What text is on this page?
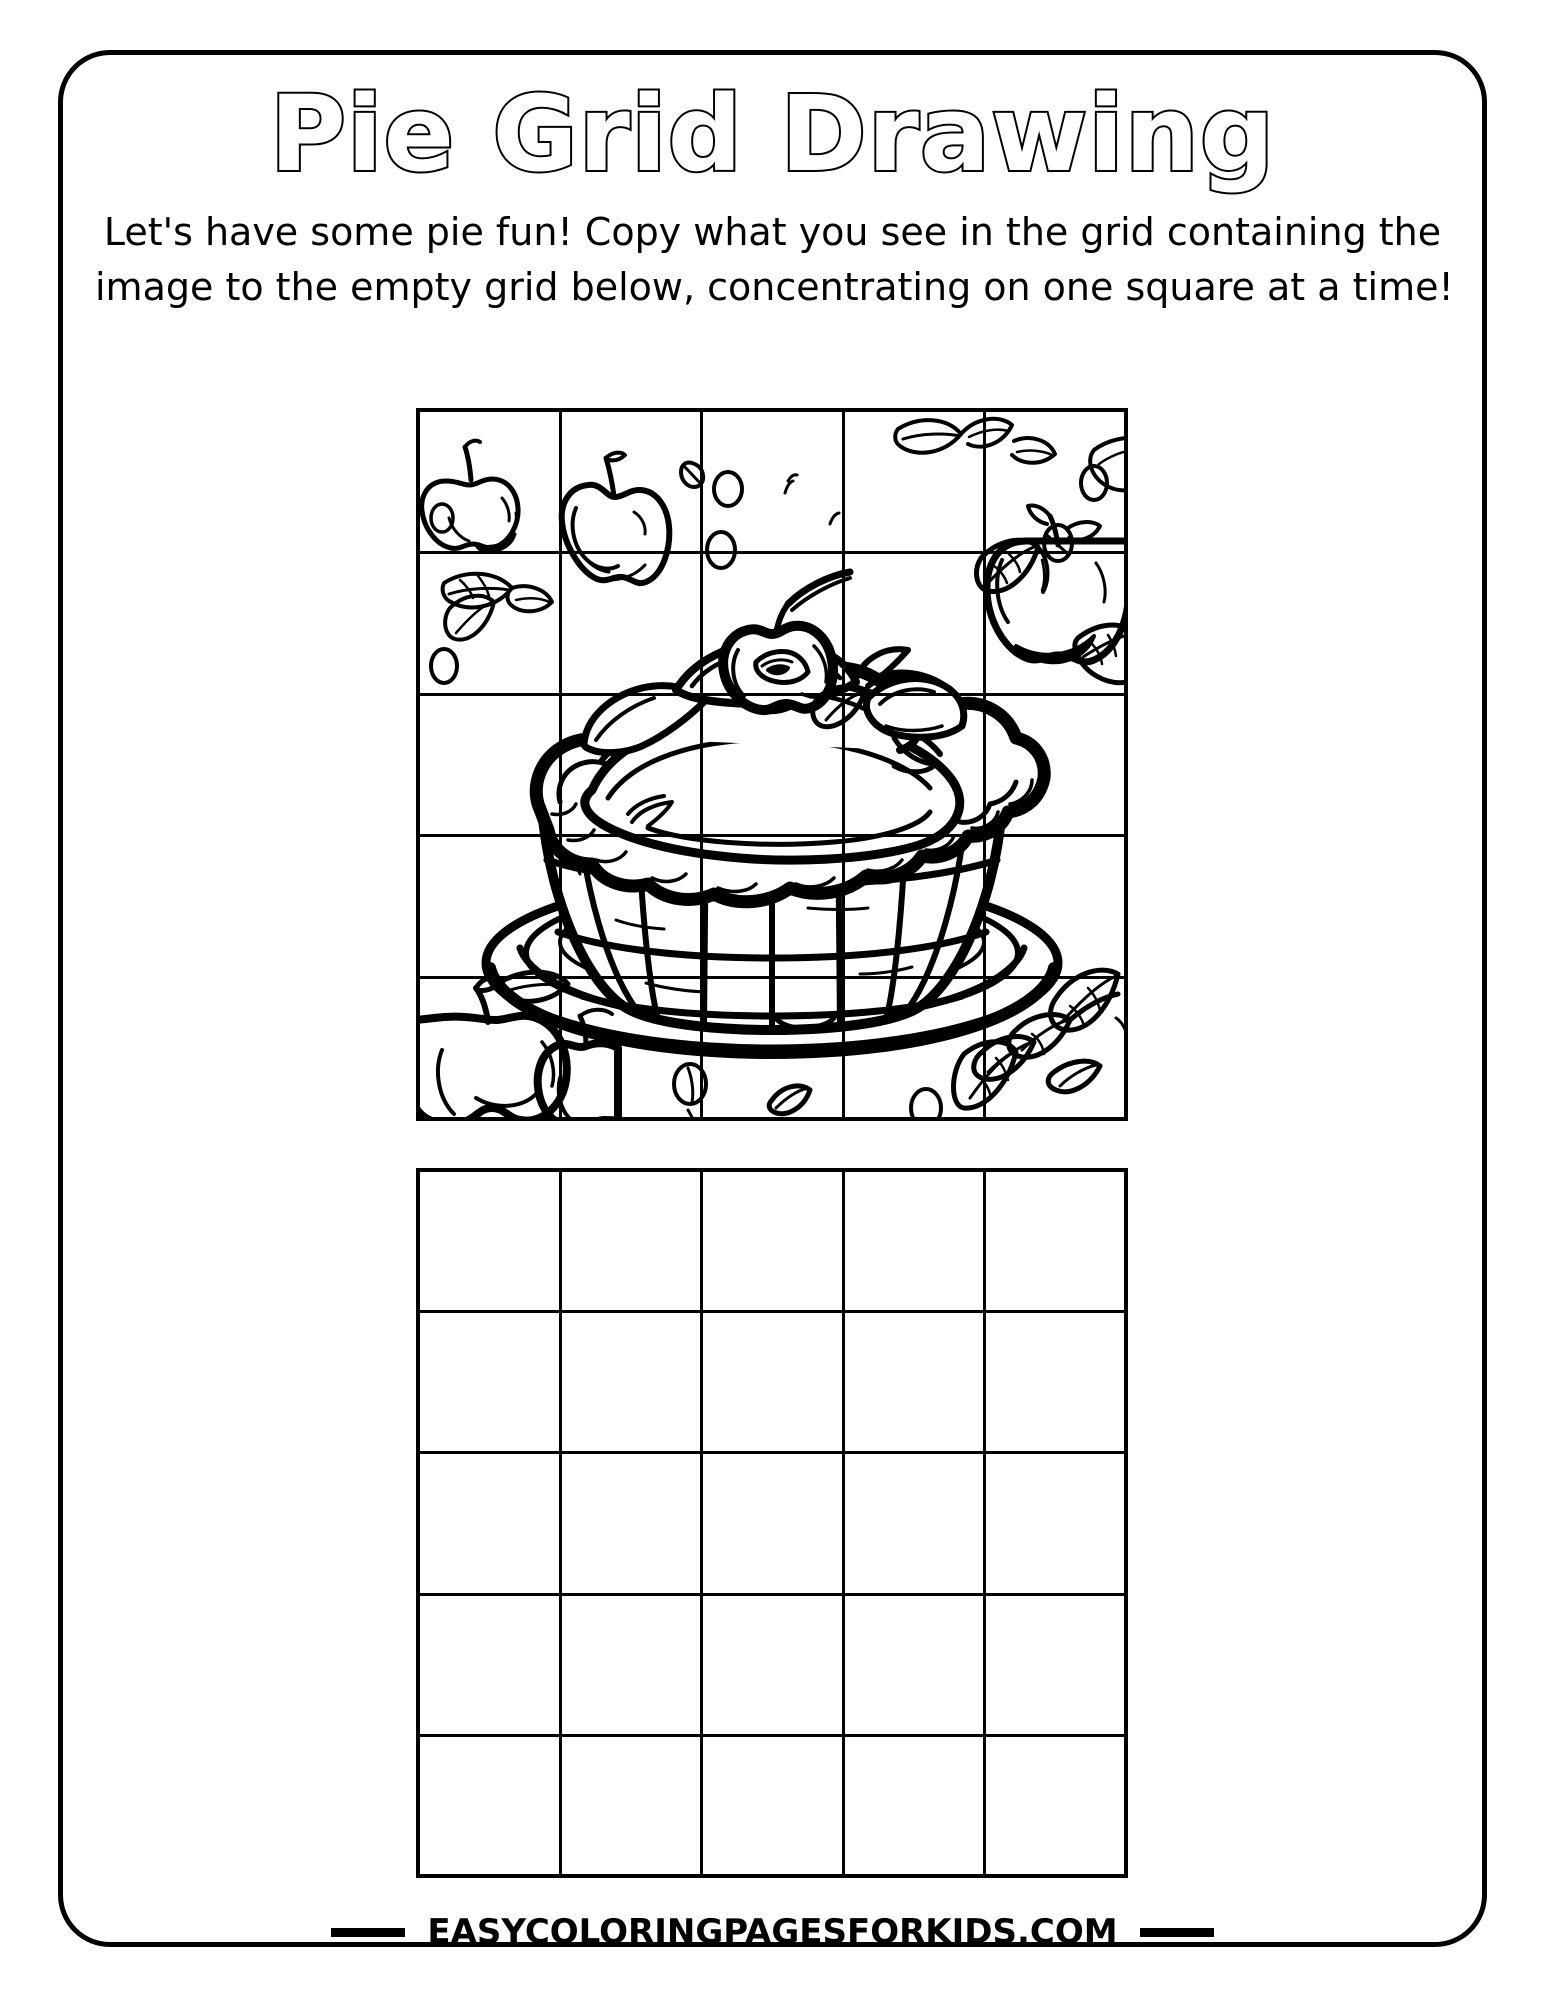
Pie Grid Drawing
Let's have some pie fun! Copy what you see in the grid containing the
image to the empty grid below, concentrating on one square at a time!
EASYCOLORINGPAGESFORKIDS.COM
